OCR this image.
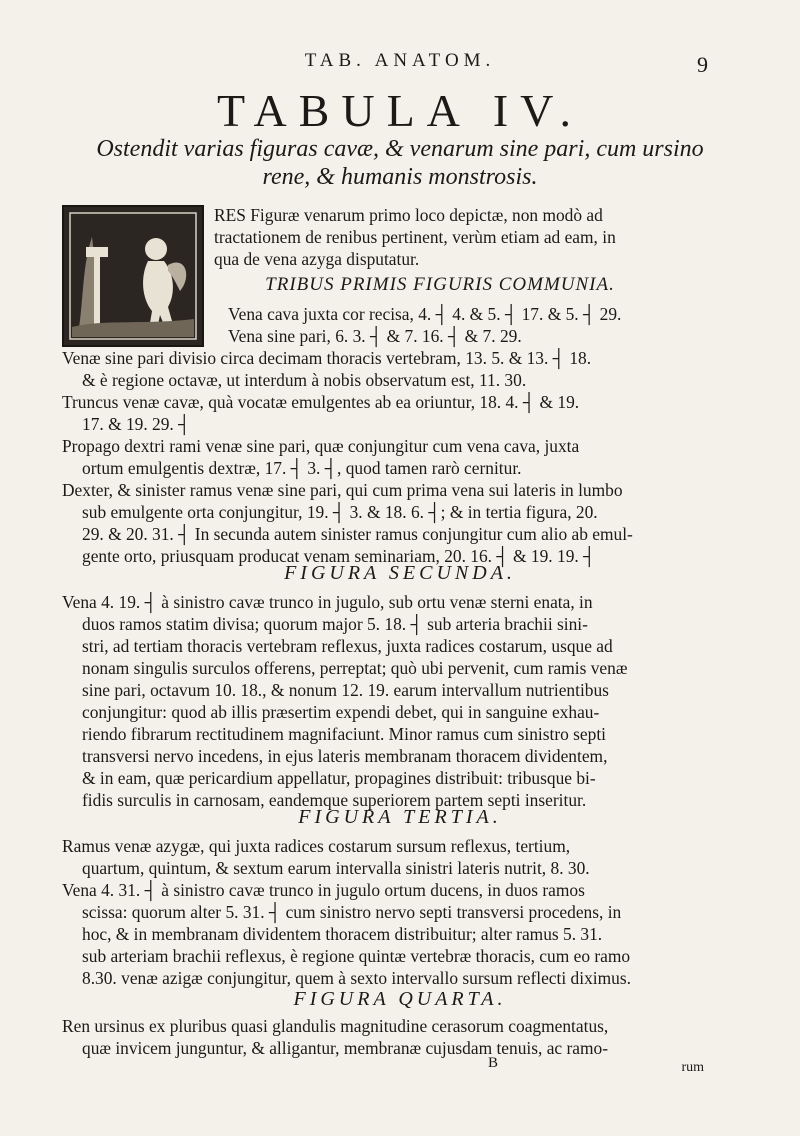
TAB. ANATOM.	9
TABULA IV.
Ostendit varias figuras cavæ, & venarum sine pari, cum ursino
rene, & humanis monstrosis.
RES Figuræ venarum primo loco depictæ, non modò ad
tractationem de renibus pertinent, verùm etiam ad eam, in
qua de vena azyga disputatur.
TRIBUS PRIMIS FIGURIS COMMUNIA.
Vena cava juxta cor recisa, 4. ┤ 4. & 5. ┤ 17. & 5. ┤ 29.
Vena sine pari, 6. 3. ┤ & 7. 16. ┤ & 7. 29.
Venæ sine pari divisio circa decimam thoracis vertebram, 13. 5. & 13. ┤ 18.
& è regione octavæ, ut interdum à nobis observatum est, 11. 30.
Truncus venæ cavæ, quà vocatæ emulgentes ab ea oriuntur, 18. 4. ┤ & 19.
17. & 19. 29. ┤
Propago dextri rami venæ sine pari, quæ conjungitur cum vena cava, juxta
ortum emulgentis dextræ, 17. ┤ 3. ┤, quod tamen rarò cernitur.
Dexter, & sinister ramus venæ sine pari, qui cum prima vena sui lateris in lumbo
sub emulgente orta conjungitur, 19. ┤ 3. & 18. 6. ┤; & in tertia figura, 20.
29. & 20. 31. ┤ In secunda autem sinister ramus conjungitur cum alio ab emul-
gente orto, priusquam producat venam seminariam, 20. 16. ┤ & 19. 19. ┤
FIGURA SECUNDA.
Vena 4. 19. ┤ à sinistro cavæ trunco in jugulo, sub ortu venæ sterni enata, in
duos ramos statim divisa; quorum major 5. 18. ┤ sub arteria brachii sini-
stri, ad tertiam thoracis vertebram reflexus, juxta radices costarum, usque ad
nonam singulis surculos offerens, perreptat; quò ubi pervenit, cum ramis venæ
sine pari, octavum 10. 18., & nonum 12. 19. earum intervallum nutrientibus
conjungitur: quod ab illis præsertim expendi debet, qui in sanguine exhau-
riendo fibrarum rectitudinem magnifaciunt. Minor ramus cum sinistro septi
transversi nervo incedens, in ejus lateris membranam thoracem dividentem,
& in eam, quæ pericardium appellatur, propagines distribuit: tribusque bi-
fidis surculis in carnosam, eandemque superiorem partem septi inseritur.
FIGURA TERTIA.
Ramus venæ azygæ, qui juxta radices costarum sursum reflexus, tertium,
quartum, quintum, & sextum earum intervalla sinistri lateris nutrit, 8. 30.
Vena 4. 31. ┤ à sinistro cavæ trunco in jugulo ortum ducens, in duos ramos
scissa: quorum alter 5. 31. ┤ cum sinistro nervo septi transversi procedens, in
hoc, & in membranam dividentem thoracem distribuitur; alter ramus 5. 31.
sub arteriam brachii reflexus, è regione quintæ vertebræ thoracis, cum eo ramo
8.30. venæ azigæ conjungitur, quem à sexto intervallo sursum reflecti diximus.
FIGURA QUARTA.
Ren ursinus ex pluribus quasi glandulis magnitudine cerasorum coagmentatus,
quæ invicem junguntur, & alligantur, membranæ cujusdam tenuis, ac ramo-
B	rum
